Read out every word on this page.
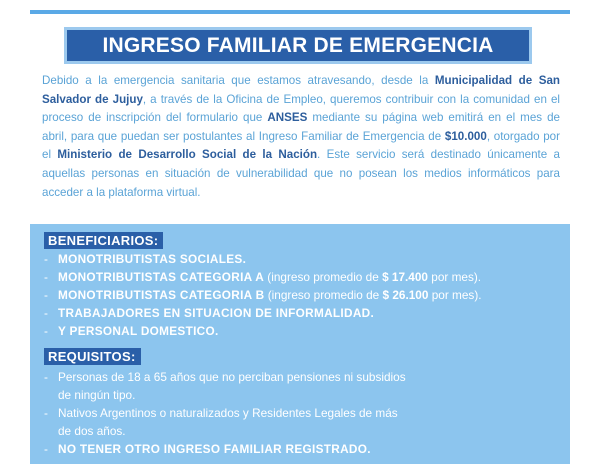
INGRESO FAMILIAR DE EMERGENCIA
Debido a la emergencia sanitaria que estamos atravesando, desde la Municipalidad de San Salvador de Jujuy, a través de la Oficina de Empleo, queremos contribuir con la comunidad en el proceso de inscripción del formulario que ANSES mediante su página web emitirá en el mes de abril, para que puedan ser postulantes al Ingreso Familiar de Emergencia de $10.000, otorgado por el Ministerio de Desarrollo Social de la Nación. Este servicio será destinado únicamente a aquellas personas en situación de vulnerabilidad que no posean los medios informáticos para acceder a la plataforma virtual.
BENEFICIARIOS:
- MONOTRIBUTISTAS SOCIALES.
- MONOTRIBUTISTAS CATEGORIA A (ingreso promedio de $ 17.400 por mes).
- MONOTRIBUTISTAS CATEGORIA B (ingreso promedio de $ 26.100 por mes).
- TRABAJADORES EN SITUACION DE INFORMALIDAD.
- Y PERSONAL DOMESTICO.
REQUISITOS:
- Personas de 18 a 65 años que no perciban pensiones ni subsidios
de ningún tipo.
- Nativos Argentinos o naturalizados y Residentes Legales de más
de dos años.
- NO TENER OTRO INGRESO FAMILIAR REGISTRADO.
